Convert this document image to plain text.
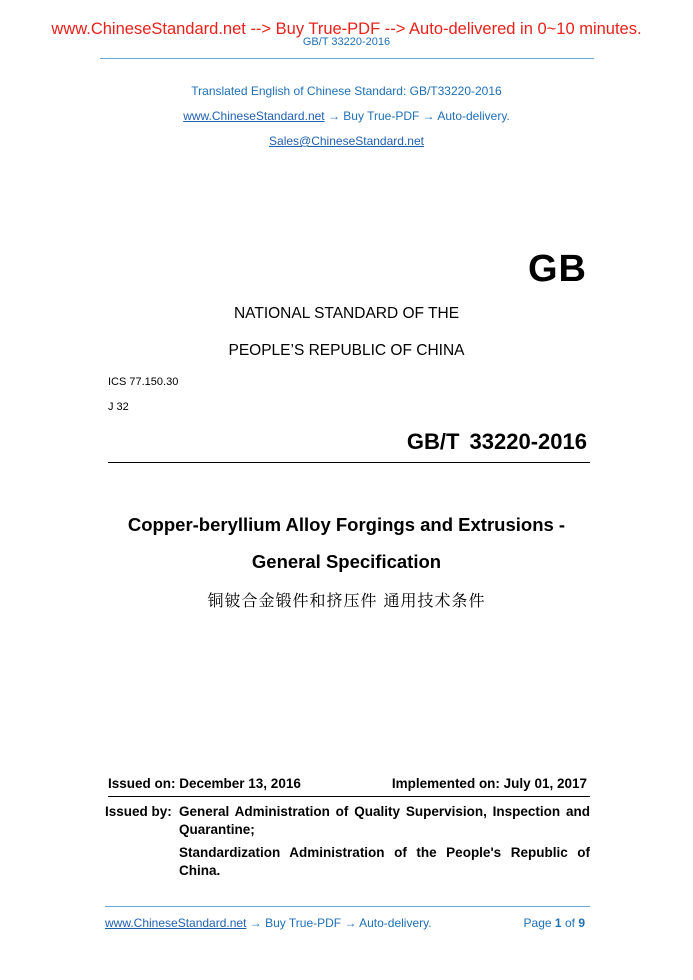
www.ChineseStandard.net --> Buy True-PDF --> Auto-delivered in 0~10 minutes.
GB/T 33220-2016
Translated English of Chinese Standard: GB/T33220-2016
www.ChineseStandard.net → Buy True-PDF → Auto-delivery.
Sales@ChineseStandard.net
GB
NATIONAL STANDARD OF THE
PEOPLE’S REPUBLIC OF CHINA
ICS 77.150.30
J 32
GB/T 33220-2016
Copper-beryllium Alloy Forgings and Extrusions -
General Specification
铜铍合金锻件和挤压件 通用技术条件
Issued on: December 13, 2016	Implemented on: July 01, 2017
Issued by: General Administration of Quality Supervision, Inspection and Quarantine;
Standardization Administration of the People's Republic of China.
www.ChineseStandard.net → Buy True-PDF → Auto-delivery.	Page 1 of 9
